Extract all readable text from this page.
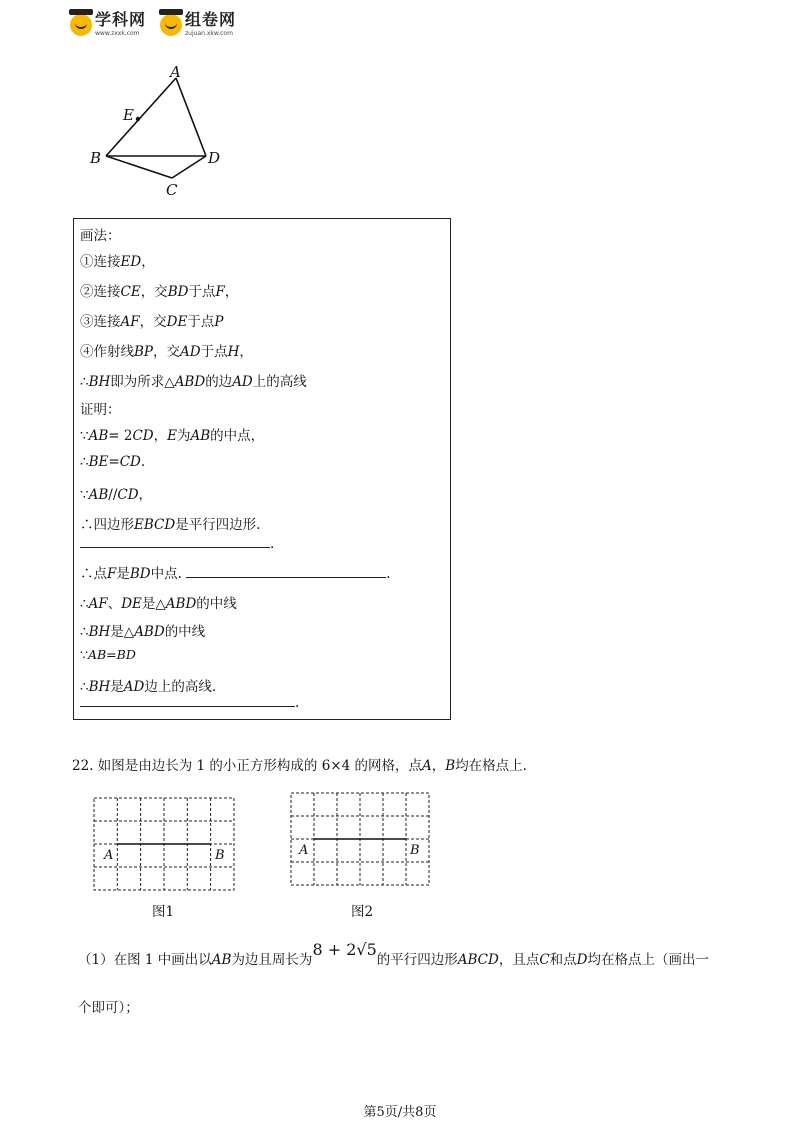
学科网
www.zxxk.com
组卷网
zujuan.xkw.com
A
E
B	D
C
画法：
①连接ED，
②连接CE，交BD于点F，
③连接AF，交DE于点P
④作射线BP，交AD于点H，
∴BH即为所求△ABD的边AD上的高线
证明：
∵AB= 2CD，E为AB的中点，
∴BE=CD.
∵AB//CD，
∴四边形EBCD是平行四边形.
.
∴点F是BD中点.	.
∴AF、DE是△ABD的中线
∴BH是△ABD的中线
∵AB=BD
∴BH是AD边上的高线.
.
22. 如图是由边长为 1 的小正方形构成的 6×4 的网格，点A，B均在格点上.
A	B
图1
A	B
图2
（1）在图 1 中画出以AB为边且周长为8 + 2√5的平行四边形ABCD，且点C和点D均在格点上（画出一
个即可）；
第5页/共8页
